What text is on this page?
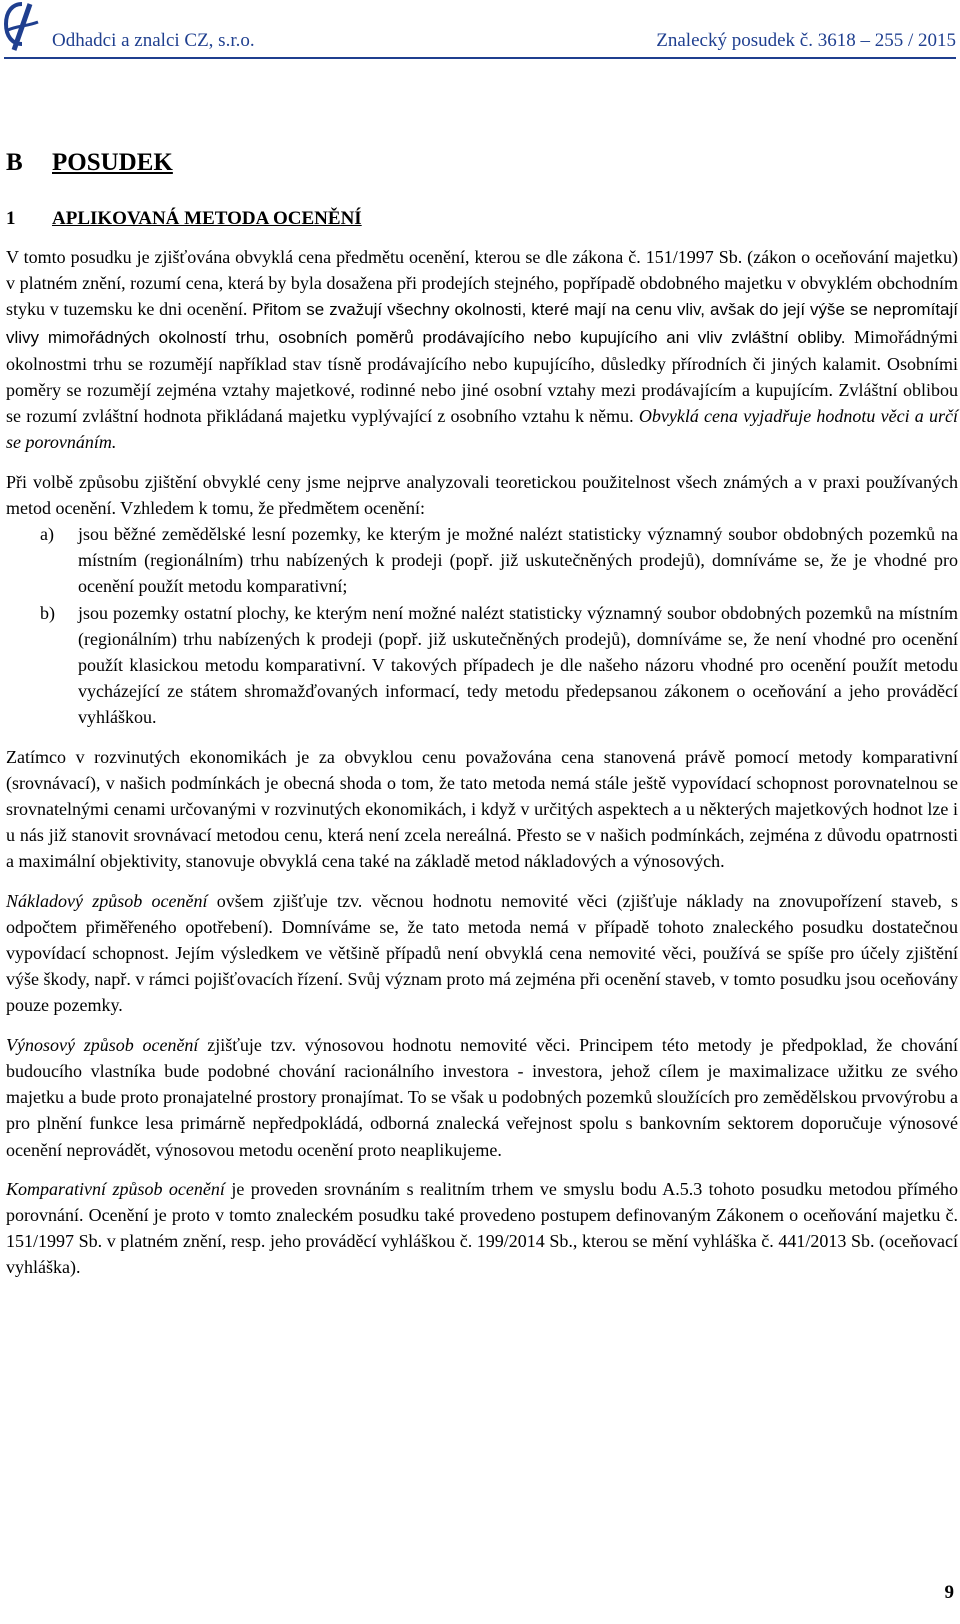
Odhadci a znalci CZ, s.r.o.	Znalecký posudek č. 3618 – 255 / 2015
B POSUDEK
1 APLIKOVANÁ METODA OCENĚNÍ

V tomto posudku je zjišťována obvyklá cena předmětu ocenění, kterou se dle zákona č. 151/1997 Sb. (zákon o oceňování majetku) v platném znění, rozumí cena, která by byla dosažena při prodejích stejného, popřípadě obdobného majetku v obvyklém obchodním styku v tuzemsku ke dni ocenění. Přitom se zvažují všechny okolnosti, které mají na cenu vliv, avšak do její výše se nepromítají vlivy mimořádných okolností trhu, osobních poměrů prodávajícího nebo kupujícího ani vliv zvláštní obliby. Mimořádnými okolnostmi trhu se rozumějí například stav tísně prodávajícího nebo kupujícího, důsledky přírodních či jiných kalamit. Osobními poměry se rozumějí zejména vztahy majetkové, rodinné nebo jiné osobní vztahy mezi prodávajícím a kupujícím. Zvláštní oblibou se rozumí zvláštní hodnota přikládaná majetku vyplývající z osobního vztahu k němu. Obvyklá cena vyjadřuje hodnotu věci a určí se porovnáním.

Při volbě způsobu zjištění obvyklé ceny jsme nejprve analyzovali teoretickou použitelnost všech známých a v praxi používaných metod ocenění. Vzhledem k tomu, že předmětem ocenění:

a) jsou běžné zemědělské lesní pozemky, ke kterým je možné nalézt statisticky významný soubor obdobných pozemků na místním (regionálním) trhu nabízených k prodeji (popř. již uskutečněných prodejů), domníváme se, že je vhodné pro ocenění použít metodu komparativní;
b) jsou pozemky ostatní plochy, ke kterým není možné nalézt statisticky významný soubor obdobných pozemků na místním (regionálním) trhu nabízených k prodeji (popř. již uskutečněných prodejů), domníváme se, že není vhodné pro ocenění použít klasickou metodu komparativní. V takových případech je dle našeho názoru vhodné pro ocenění použít metodu vycházející ze státem shromažďovaných informací, tedy metodu předepsanou zákonem o oceňování a jeho prováděcí vyhláškou.

Zatímco v rozvinutých ekonomikách je za obvyklou cenu považována cena stanovená právě pomocí metody komparativní (srovnávací), v našich podmínkách je obecná shoda o tom, že tato metoda nemá stále ještě vypovídací schopnost porovnatelnou se srovnatelnými cenami určovanými v rozvinutých ekonomikách, i když v určitých aspektech a u některých majetkových hodnot lze i u nás již stanovit srovnávací metodou cenu, která není zcela nereálná. Přesto se v našich podmínkách, zejména z důvodu opatrnosti a maximální objektivity, stanovuje obvyklá cena také na základě metod nákladových a výnosových.

Nákladový způsob ocenění ovšem zjišťuje tzv. věcnou hodnotu nemovité věci (zjišťuje náklady na znovupořízení staveb, s odpočtem přiměřeného opotřebení). Domníváme se, že tato metoda nemá v případě tohoto znaleckého posudku dostatečnou vypovídací schopnost. Jejím výsledkem ve většině případů není obvyklá cena nemovité věci, používá se spíše pro účely zjištění výše škody, např. v rámci pojišťovacích řízení. Svůj význam proto má zejména při ocenění staveb, v tomto posudku jsou oceňovány pouze pozemky.

Výnosový způsob ocenění zjišťuje tzv. výnosovou hodnotu nemovité věci. Principem této metody je předpoklad, že chování budoucího vlastníka bude podobné chování racionálního investora - investora, jehož cílem je maximalizace užitku ze svého majetku a bude proto pronajatelné prostory pronajímat. To se však u podobných pozemků sloužících pro zemědělskou prvovýrobu a pro plnění funkce lesa primárně nepředpokládá, odborná znalecká veřejnost spolu s bankovním sektorem doporučuje výnosové ocenění neprovádět, výnosovou metodu ocenění proto neaplikujeme.

Komparativní způsob ocenění je proveden srovnáním s realitním trhem ve smyslu bodu A.5.3 tohoto posudku metodou přímého porovnání. Ocenění je proto v tomto znaleckém posudku také provedeno postupem definovaným Zákonem o oceňování majetku č. 151/1997 Sb. v platném znění, resp. jeho prováděcí vyhláškou č. 199/2014 Sb., kterou se mění vyhláška č. 441/2013 Sb. (oceňovací vyhláška).

9
